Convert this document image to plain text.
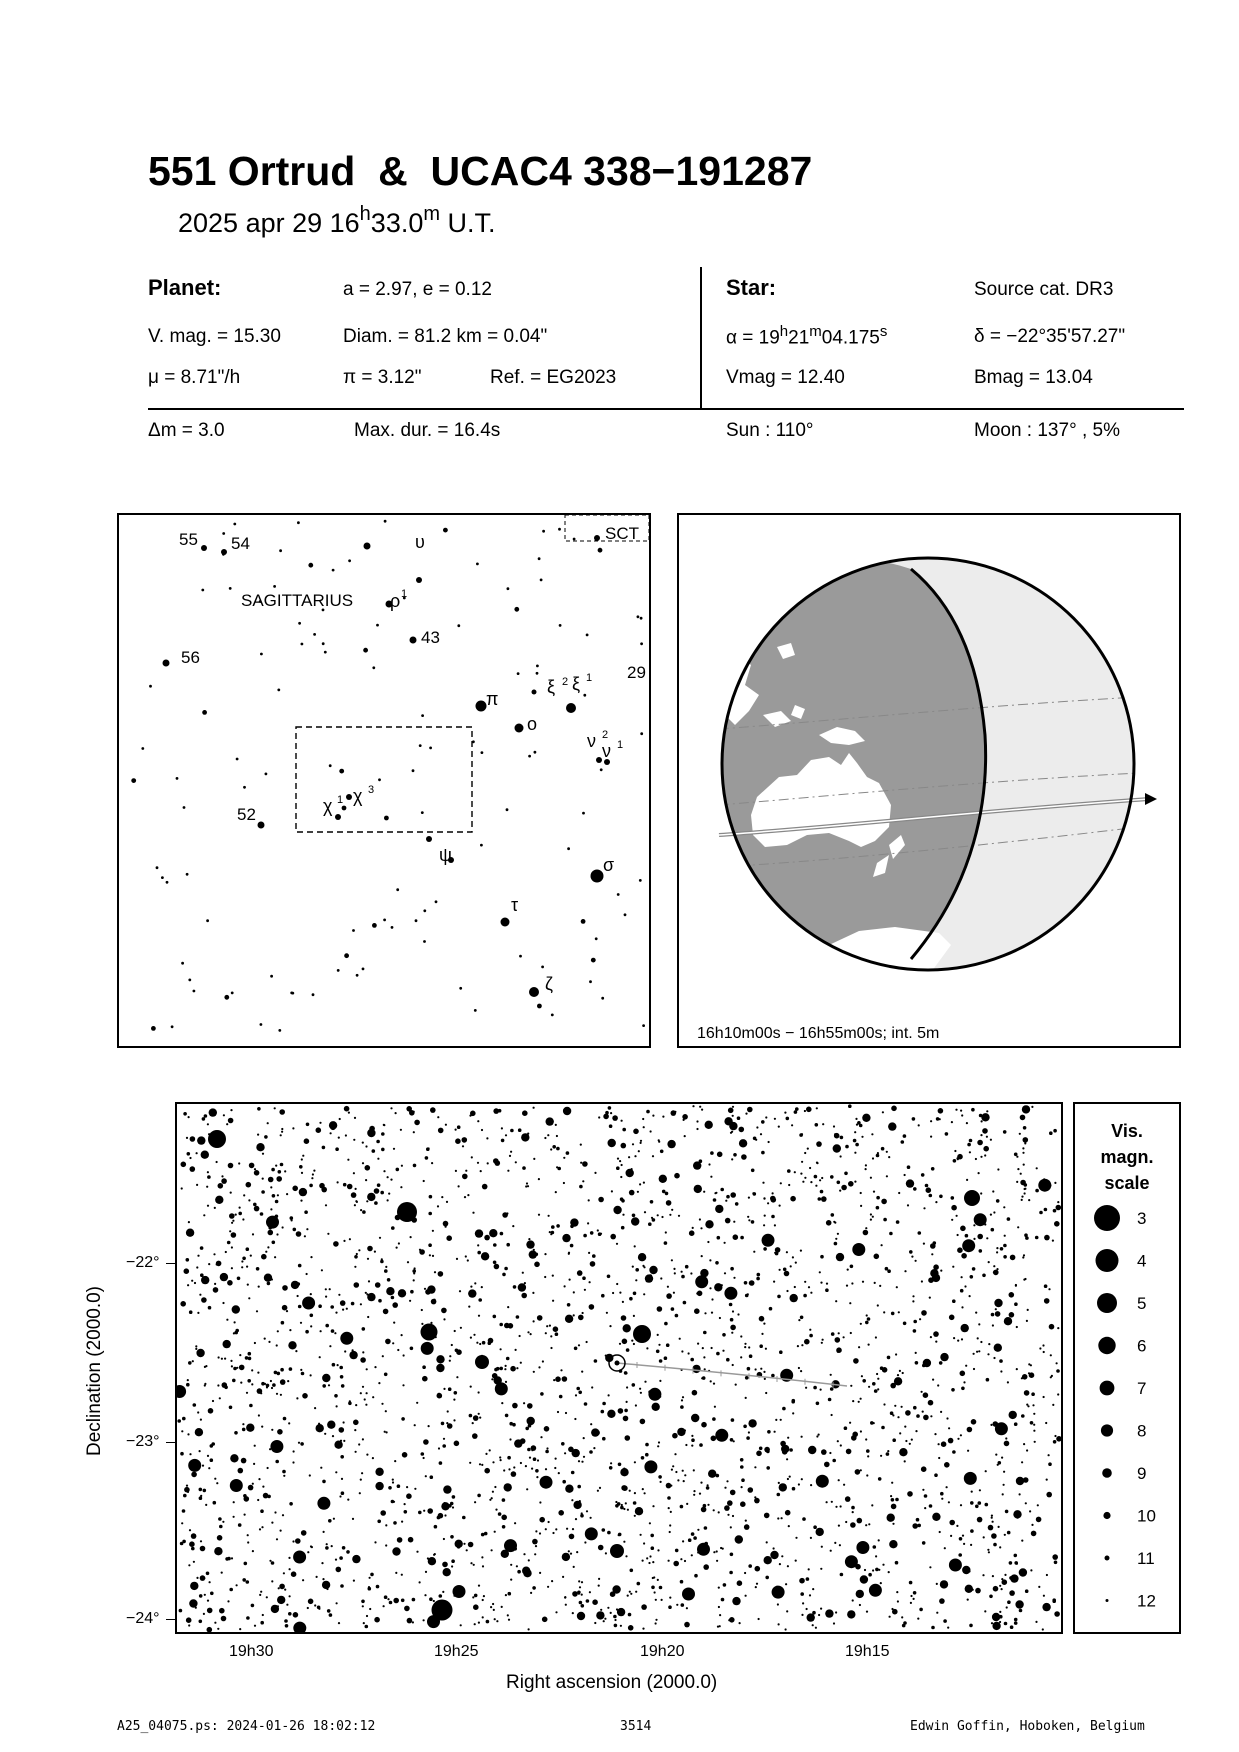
551 Ortrud  &  UCAC4 338−191287
2025 apr 29 16$^h$33.0$^m$ U.T.
Planet:	a = 2.97, e = 0.12
V. mag. = 15.30	Diam. = 81.2 km = 0.04"
μ = 8.71"/h	π = 3.12"	Ref. = EG2023
Star:	Source cat. DR3
$\alpha = 19^h21^m04.175^s$	δ = −22°35'57.27"
Vmag = 12.40	Bmag = 13.04
Δm = 3.0	Max. dur. = 16.4s	Sun : 110°	Moon : 137° , 5%
55 54	υ
ρ 1
43
56
ξ 2 ξ 1 29
π
ο
ν 2
ν 1
χ 3
χ 1
52
ψ	σ
τ
ζ
SCT
SAGITTARIUS
16h10m00s − 16h55m00s; int. 5m
−22°
−23°
−24°
19h30	19h25	19h20	19h15
Right ascension (2000.0)
Declination (2000.0)
Vis.
magn.
scale
3
4
5
6
7
8
9
10
11
12
A25_04075.ps: 2024-01-26 18:02:12	3514	Edwin Goffin, Hoboken, Belgium
